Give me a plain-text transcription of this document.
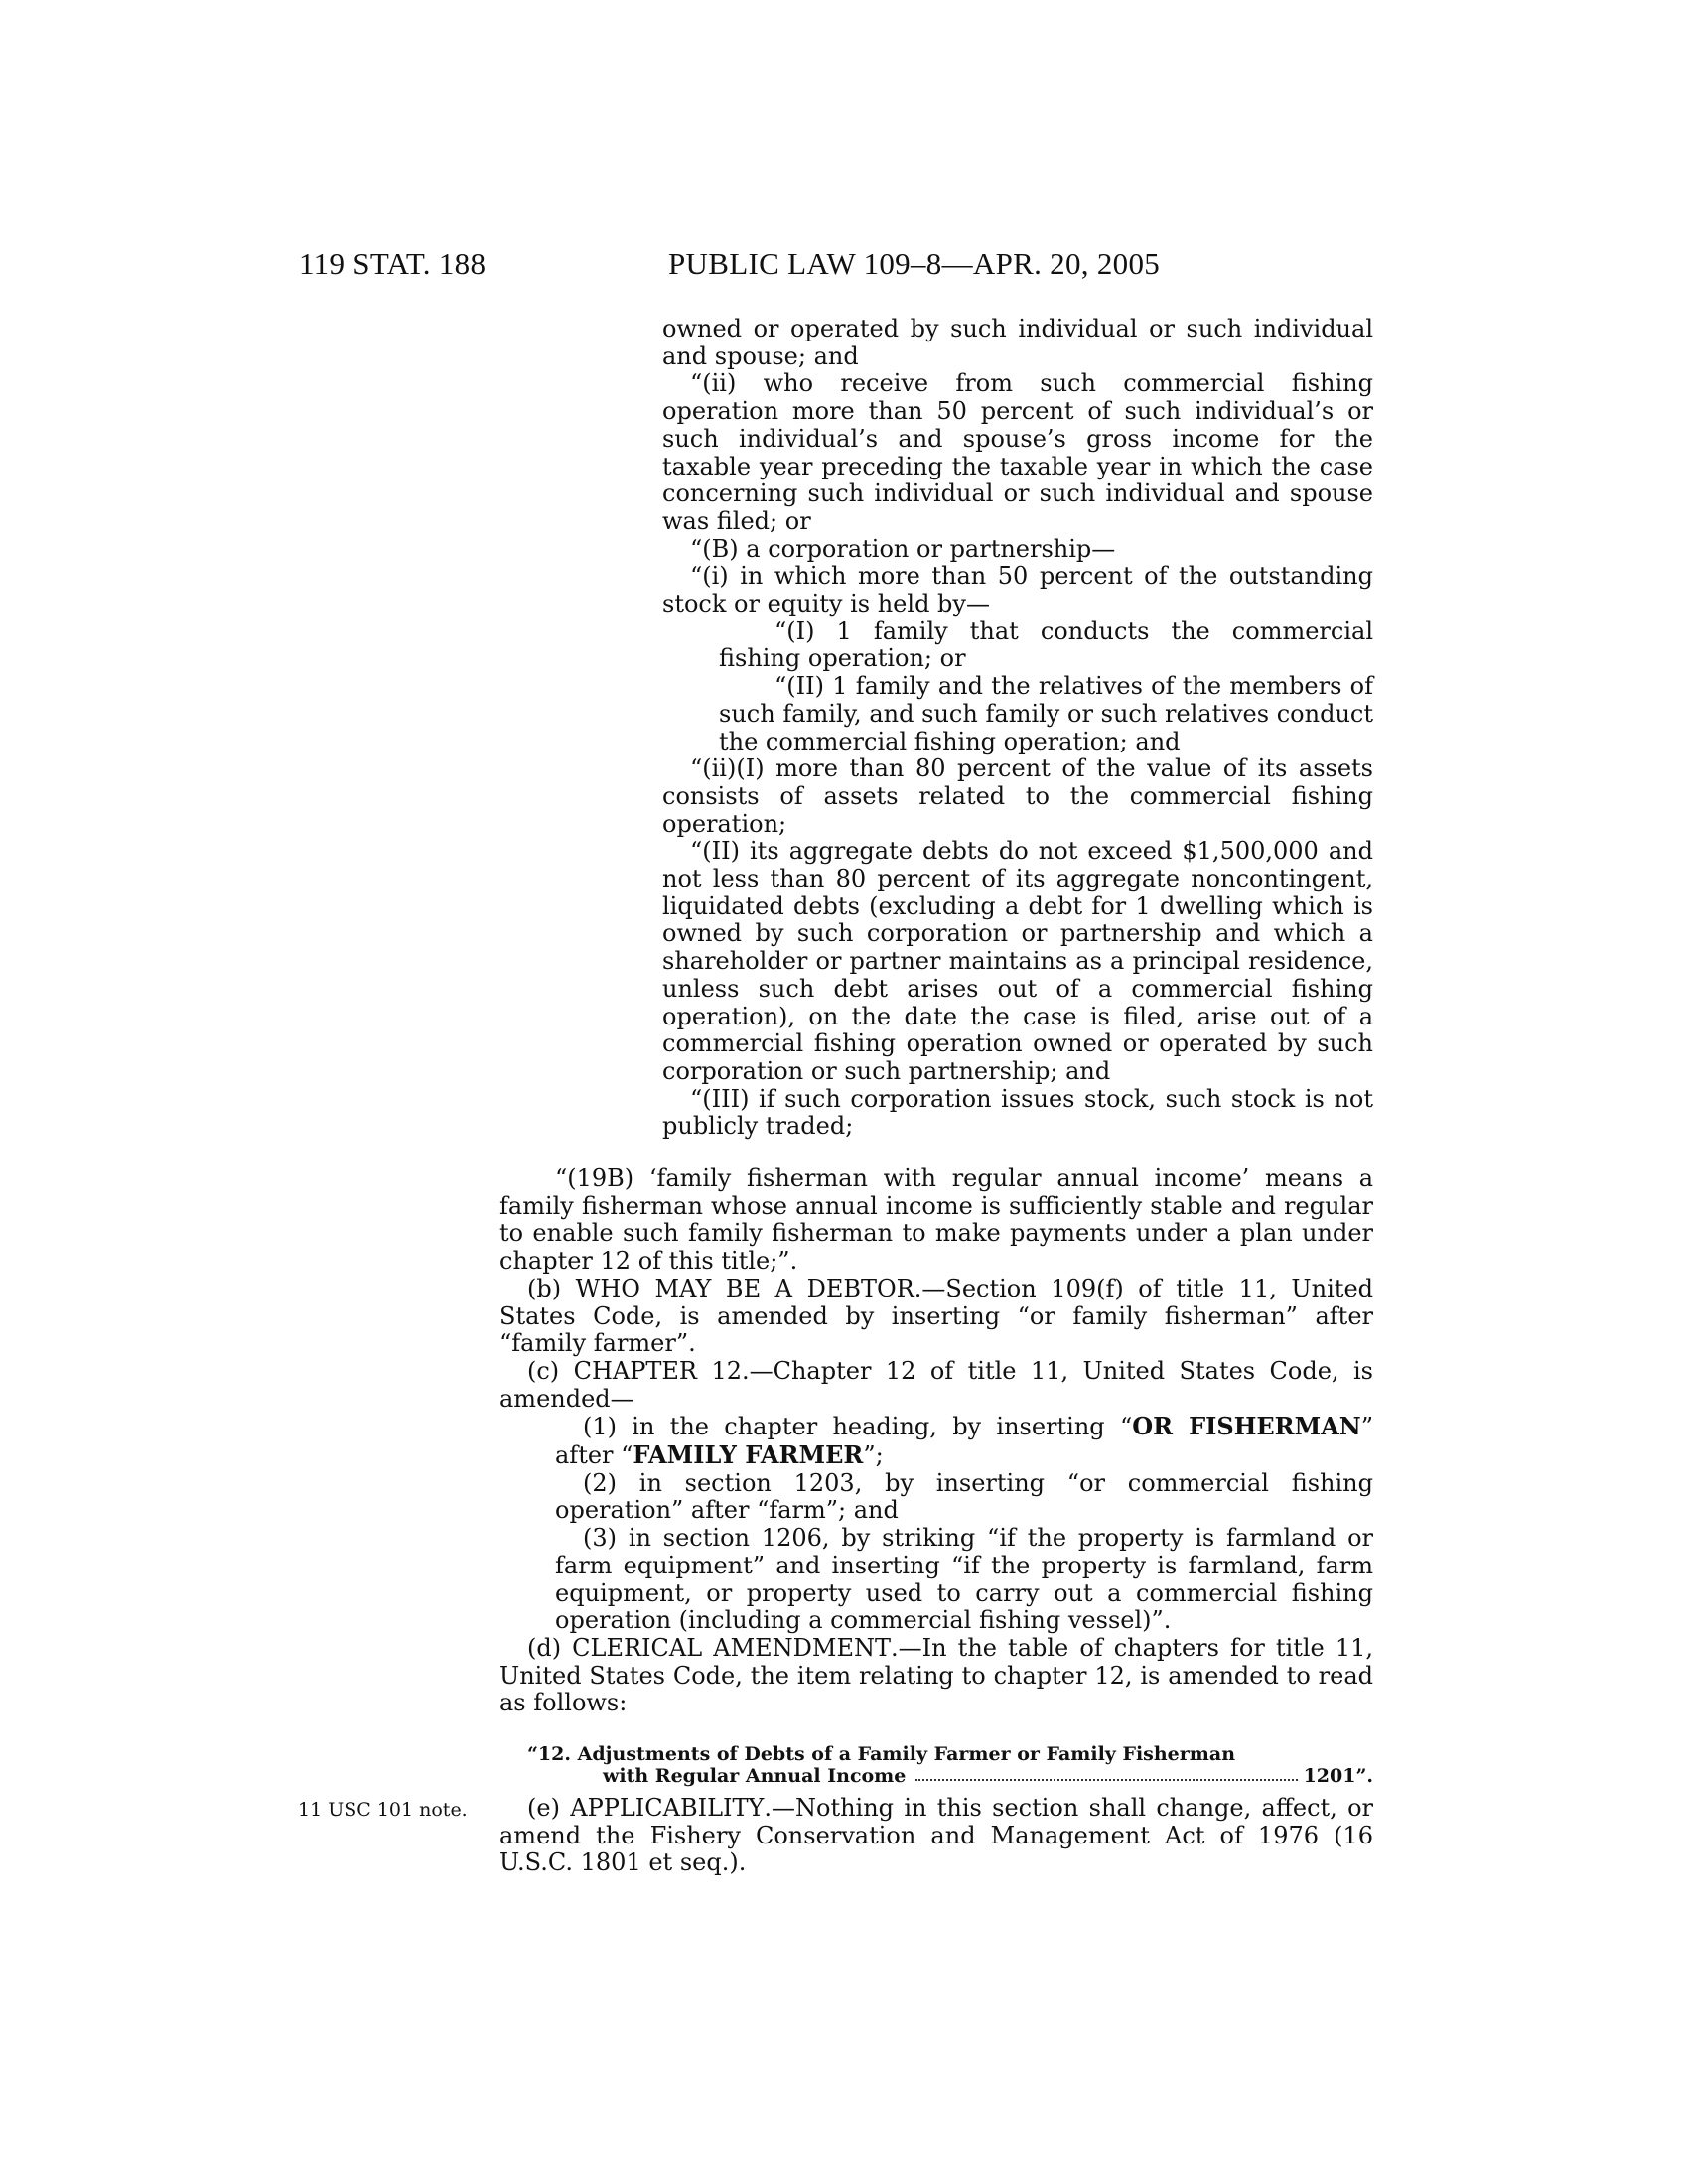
119 STAT. 188	PUBLIC LAW 109–8—APR. 20, 2005

owned or operated by such individual or such individual and spouse; and

“(ii) who receive from such commercial fishing operation more than 50 percent of such individual’s or such individual’s and spouse’s gross income for the taxable year preceding the taxable year in which the case concerning such individual or such individual and spouse was filed; or

“(B) a corporation or partnership—

“(i) in which more than 50 percent of the outstanding stock or equity is held by—

“(I) 1 family that conducts the commercial fishing operation; or

“(II) 1 family and the relatives of the members of such family, and such family or such relatives conduct the commercial fishing operation; and

“(ii)(I) more than 80 percent of the value of its assets consists of assets related to the commercial fishing operation;

“(II) its aggregate debts do not exceed $1,500,000 and not less than 80 percent of its aggregate noncontingent, liquidated debts (excluding a debt for 1 dwelling which is owned by such corporation or partnership and which a shareholder or partner maintains as a principal residence, unless such debt arises out of a commercial fishing operation), on the date the case is filed, arise out of a commercial fishing operation owned or operated by such corporation or such partnership; and

“(III) if such corporation issues stock, such stock is not publicly traded;

“(19B) ‘family fisherman with regular annual income’ means a family fisherman whose annual income is sufficiently stable and regular to enable such family fisherman to make payments under a plan under chapter 12 of this title;”.

(b) WHO MAY BE A DEBTOR.—Section 109(f) of title 11, United States Code, is amended by inserting “or family fisherman” after “family farmer”.

(c) CHAPTER 12.—Chapter 12 of title 11, United States Code, is amended—

(1) in the chapter heading, by inserting “OR FISHERMAN” after “FAMILY FARMER”;

(2) in section 1203, by inserting “or commercial fishing operation” after “farm”; and

(3) in section 1206, by striking “if the property is farmland or farm equipment” and inserting “if the property is farmland, farm equipment, or property used to carry out a commercial fishing operation (including a commercial fishing vessel)”.

(d) CLERICAL AMENDMENT.—In the table of chapters for title 11, United States Code, the item relating to chapter 12, is amended to read as follows:

“12. Adjustments of Debts of a Family Farmer or Family Fisherman
with Regular Annual Income	1201”.
11 USC 101 note.	(e) APPLICABILITY.—Nothing in this section shall change, affect, or amend the Fishery Conservation and Management Act of 1976 (16 U.S.C. 1801 et seq.).
